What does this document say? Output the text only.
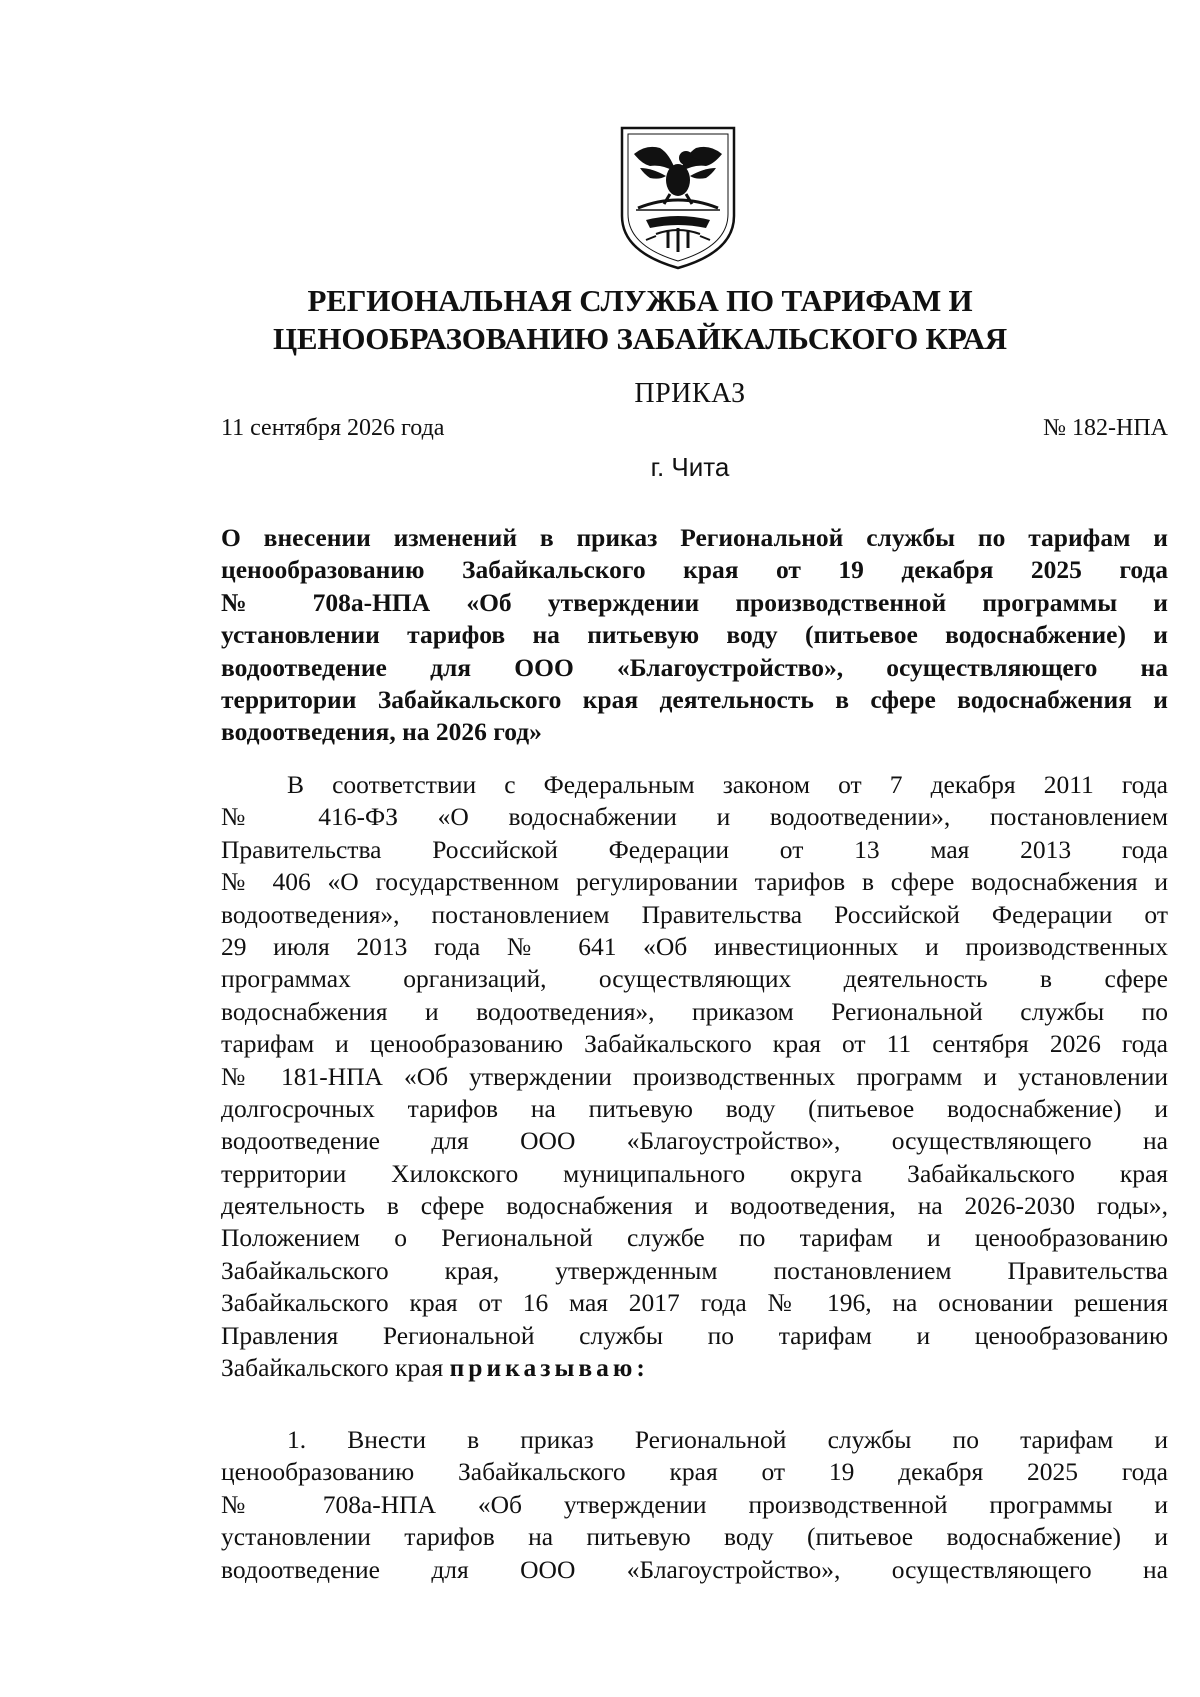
РЕГИОНАЛЬНАЯ СЛУЖБА ПО ТАРИФАМ И
ЦЕНООБРАЗОВАНИЮ ЗАБАЙКАЛЬСКОГО КРАЯ
ПРИКАЗ
11 сентября 2026 года	№ 182-НПА
г. Чита
О внесении изменений в приказ Региональной службы по тарифам и
ценообразованию Забайкальского края от 19 декабря 2025 года
№ 708а-НПА «Об утверждении производственной программы и
установлении тарифов на питьевую воду (питьевое водоснабжение) и
водоотведение для ООО «Благоустройство», осуществляющего на
территории Забайкальского края деятельность в сфере водоснабжения и
водоотведения, на 2026 год»
В соответствии с Федеральным законом от 7 декабря 2011 года
№ 416-ФЗ «О водоснабжении и водоотведении», постановлением
Правительства Российской Федерации от 13 мая 2013 года
№ 406 «О государственном регулировании тарифов в сфере водоснабжения и
водоотведения», постановлением Правительства Российской Федерации от
29 июля 2013 года № 641 «Об инвестиционных и производственных
программах организаций, осуществляющих деятельность в сфере
водоснабжения и водоотведения», приказом Региональной службы по
тарифам и ценообразованию Забайкальского края от 11 сентября 2026 года
№ 181-НПА «Об утверждении производственных программ и установлении
долгосрочных тарифов на питьевую воду (питьевое водоснабжение) и
водоотведение для ООО «Благоустройство», осуществляющего на
территории Хилокского муниципального округа Забайкальского края
деятельность в сфере водоснабжения и водоотведения, на 2026-2030 годы»,
Положением о Региональной службе по тарифам и ценообразованию
Забайкальского края, утвержденным постановлением Правительства
Забайкальского края от 16 мая 2017 года № 196, на основании решения
Правления Региональной службы по тарифам и ценообразованию
Забайкальского края приказываю:
1. Внести в приказ Региональной службы по тарифам и
ценообразованию Забайкальского края от 19 декабря 2025 года
№ 708а-НПА «Об утверждении производственной программы и
установлении тарифов на питьевую воду (питьевое водоснабжение) и
водоотведение для ООО «Благоустройство», осуществляющего на
